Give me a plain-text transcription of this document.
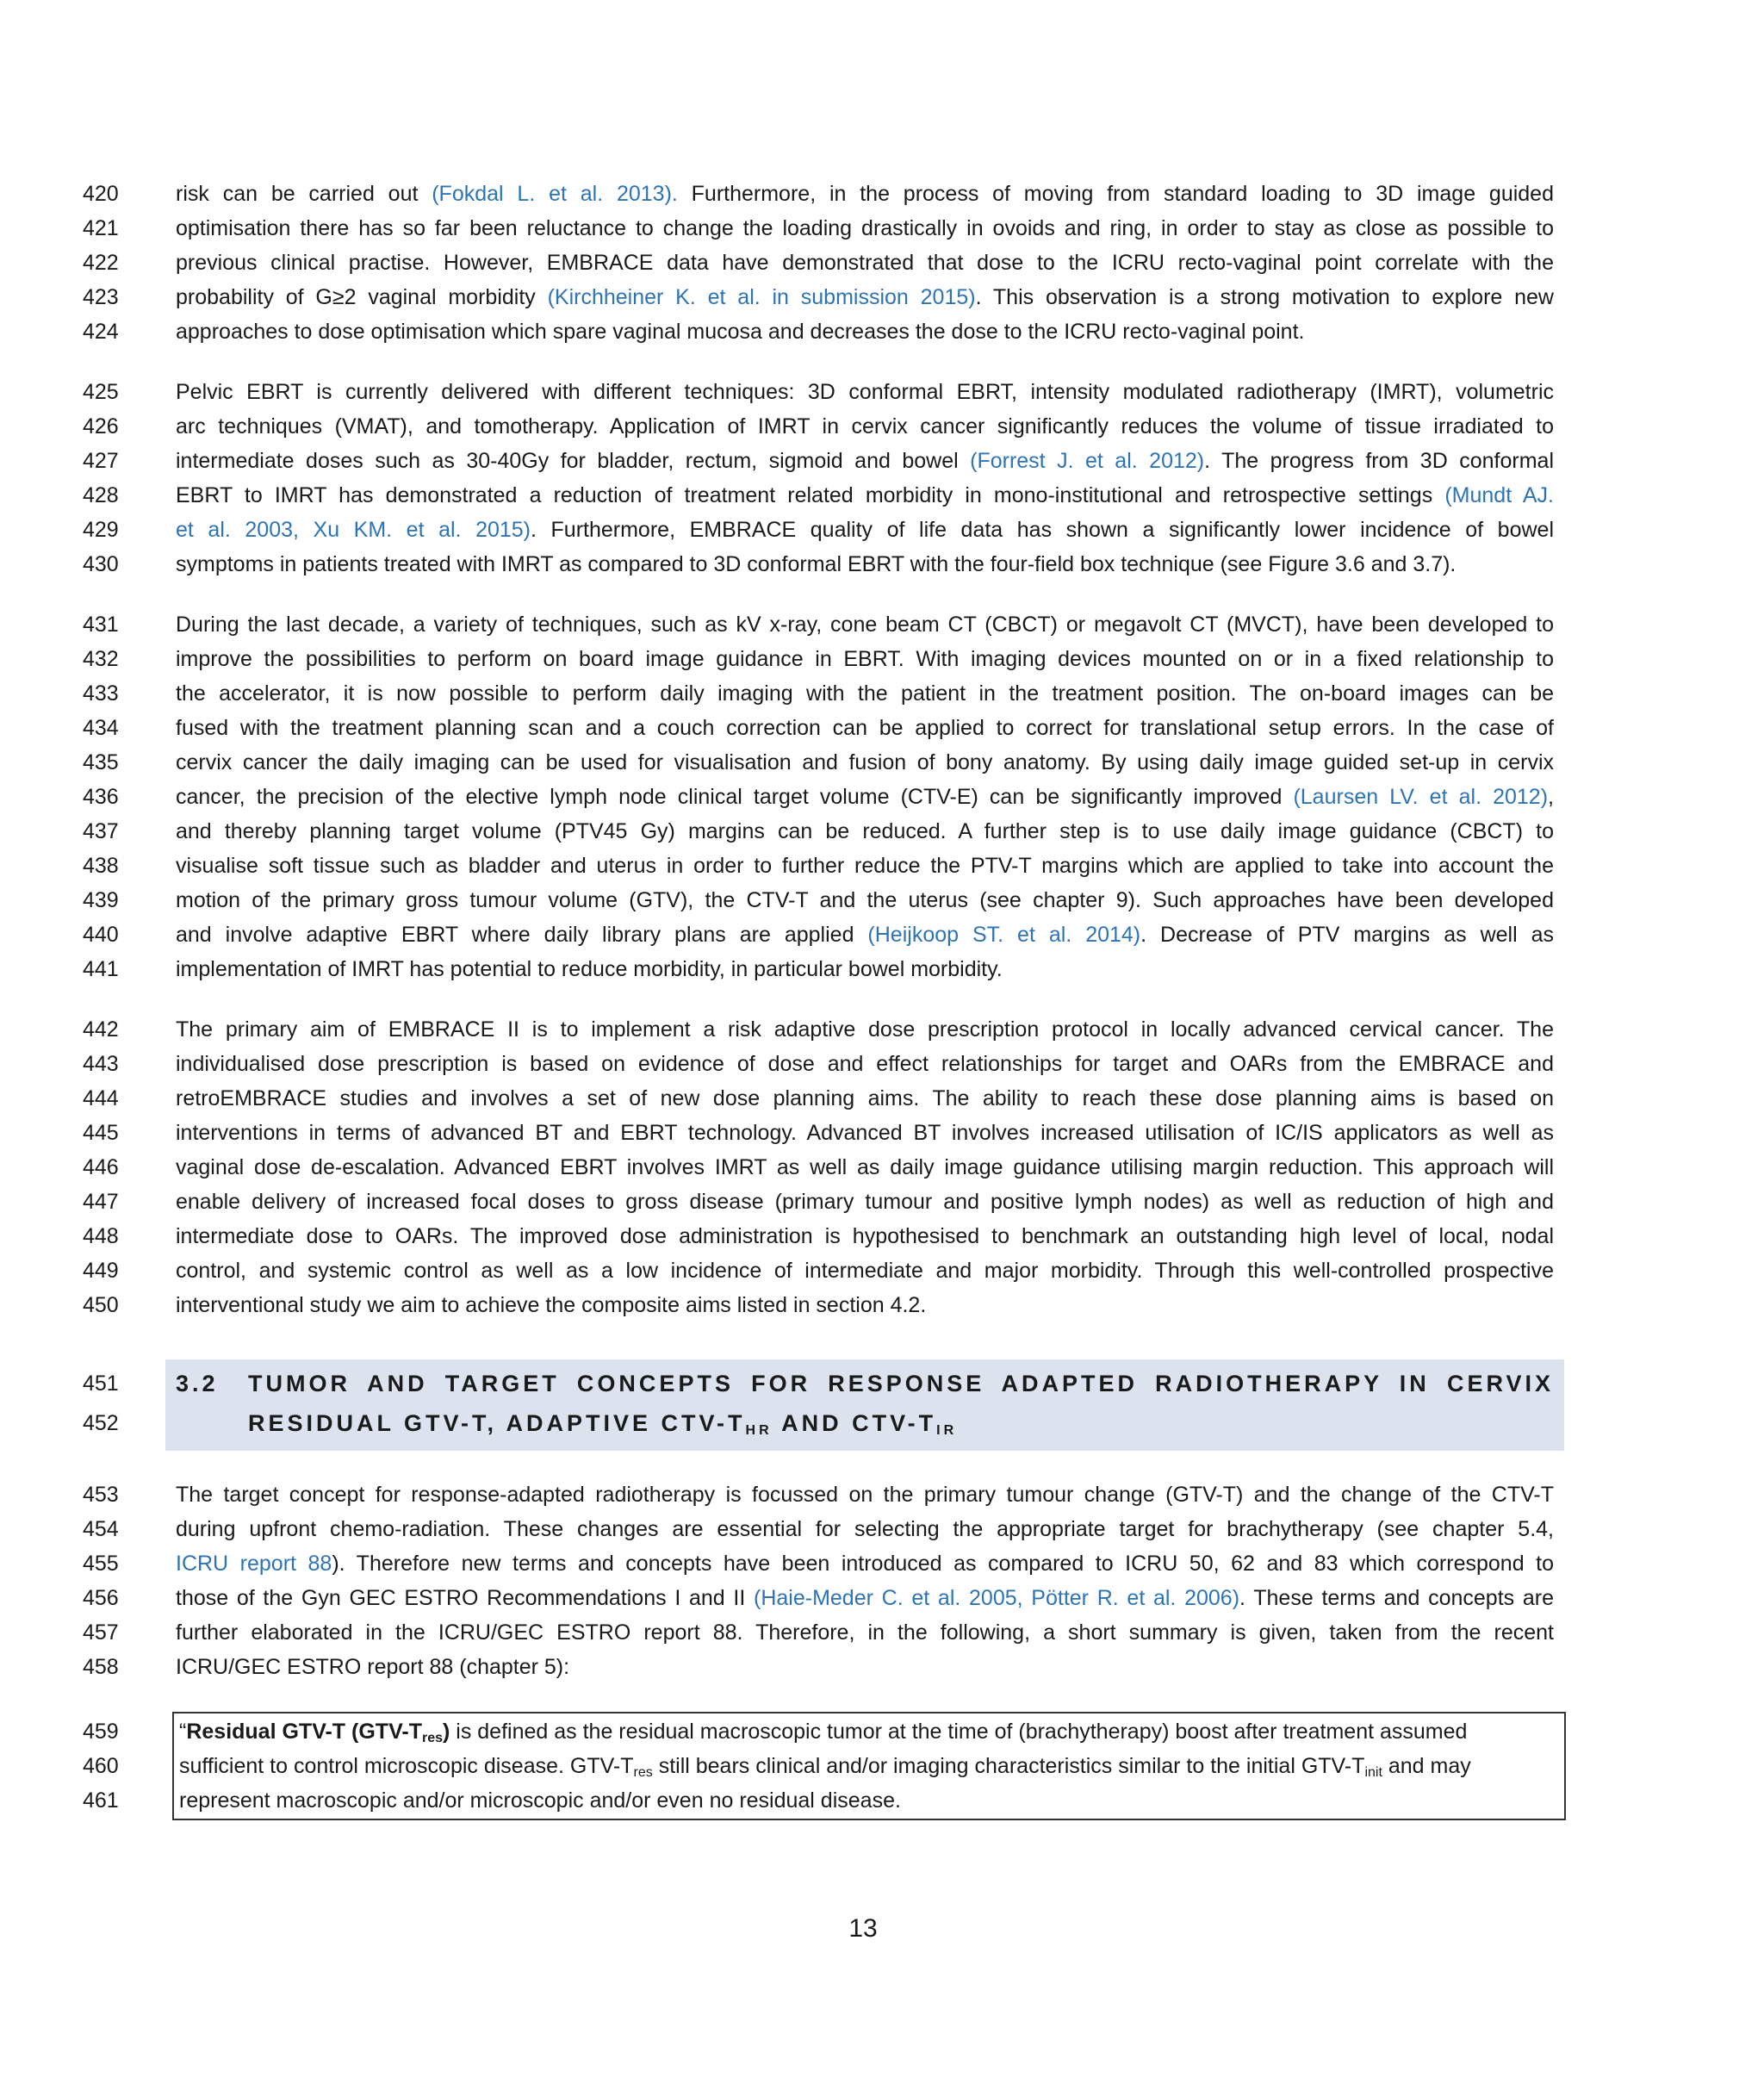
420	risk can be carried out (Fokdal L. et al. 2013). Furthermore, in the process of moving from standard loading to 3D image guided
421	optimisation there has so far been reluctance to change the loading drastically in ovoids and ring, in order to stay as close as possible to
422	previous clinical practise. However, EMBRACE data have demonstrated that dose to the ICRU recto-vaginal point correlate with the
423	probability of G≥2 vaginal morbidity (Kirchheiner K. et al. in submission 2015). This observation is a strong motivation to explore new
424	approaches to dose optimisation which spare vaginal mucosa and decreases the dose to the ICRU recto-vaginal point.
425	Pelvic EBRT is currently delivered with different techniques: 3D conformal EBRT, intensity modulated radiotherapy (IMRT), volumetric
426	arc techniques (VMAT), and tomotherapy. Application of IMRT in cervix cancer significantly reduces the volume of tissue irradiated to
427	intermediate doses such as 30-40Gy for bladder, rectum, sigmoid and bowel (Forrest J. et al. 2012). The progress from 3D conformal
428	EBRT to IMRT has demonstrated a reduction of treatment related morbidity in mono-institutional and retrospective settings (Mundt AJ.
429	et al. 2003, Xu KM. et al. 2015). Furthermore, EMBRACE quality of life data has shown a significantly lower incidence of bowel
430	symptoms in patients treated with IMRT as compared to 3D conformal EBRT with the four-field box technique (see Figure 3.6 and 3.7).
431	During the last decade, a variety of techniques, such as kV x-ray, cone beam CT (CBCT) or megavolt CT (MVCT), have been developed to
432	improve the possibilities to perform on board image guidance in EBRT. With imaging devices mounted on or in a fixed relationship to
433	the accelerator, it is now possible to perform daily imaging with the patient in the treatment position. The on-board images can be
434	fused with the treatment planning scan and a couch correction can be applied to correct for translational setup errors. In the case of
435	cervix cancer the daily imaging can be used for visualisation and fusion of bony anatomy. By using daily image guided set-up in cervix
436	cancer, the precision of the elective lymph node clinical target volume (CTV-E) can be significantly improved (Laursen LV. et al. 2012),
437	and thereby planning target volume (PTV45 Gy) margins can be reduced. A further step is to use daily image guidance (CBCT) to
438	visualise soft tissue such as bladder and uterus in order to further reduce the PTV-T margins which are applied to take into account the
439	motion of the primary gross tumour volume (GTV), the CTV-T and the uterus (see chapter 9). Such approaches have been developed
440	and involve adaptive EBRT where daily library plans are applied (Heijkoop ST. et al. 2014). Decrease of PTV margins as well as
441	implementation of IMRT has potential to reduce morbidity, in particular bowel morbidity.
442	The primary aim of EMBRACE II is to implement a risk adaptive dose prescription protocol in locally advanced cervical cancer. The
443	individualised dose prescription is based on evidence of dose and effect relationships for target and OARs from the EMBRACE and
444	retroEMBRACE studies and involves a set of new dose planning aims. The ability to reach these dose planning aims is based on
445	interventions in terms of advanced BT and EBRT technology. Advanced BT involves increased utilisation of IC/IS applicators as well as
446	vaginal dose de-escalation. Advanced EBRT involves IMRT as well as daily image guidance utilising margin reduction. This approach will
447	enable delivery of increased focal doses to gross disease (primary tumour and positive lymph nodes) as well as reduction of high and
448	intermediate dose to OARs. The improved dose administration is hypothesised to benchmark an outstanding high level of local, nodal
449	control, and systemic control as well as a low incidence of intermediate and major morbidity. Through this well-controlled prospective
450	interventional study we aim to achieve the composite aims listed in section 4.2.
453	The target concept for response-adapted radiotherapy is focussed on the primary tumour change (GTV-T) and the change of the CTV-T
454	during upfront chemo-radiation. These changes are essential for selecting the appropriate target for brachytherapy (see chapter 5.4,
455	ICRU report 88). Therefore new terms and concepts have been introduced as compared to ICRU 50, 62 and 83 which correspond to
456	those of the Gyn GEC ESTRO Recommendations I and II (Haie-Meder C. et al. 2005, Pötter R. et al. 2006). These terms and concepts are
457	further elaborated in the ICRU/GEC ESTRO report 88. Therefore, in the following, a short summary is given, taken from the recent
458	ICRU/GEC ESTRO report 88 (chapter 5):
451	3.2	TUMOR AND TARGET CONCEPTS FOR RESPONSE ADAPTED RADIOTHERAPY IN CERVIX
452	RESIDUAL GTV-T, ADAPTIVE CTV-$T_{HR}$ AND CTV-$T_{IR}$
459	“Residual GTV-T $(GTV-T_{res})$ is defined as the residual macroscopic tumor at the time of (brachytherapy) boost after treatment assumed
460	sufficient to control microscopic disease. GTV-$T_{res}$ still bears clinical and/or imaging characteristics similar to the initial GTV-$T_{init}$ and may
461	represent macroscopic and/or microscopic and/or even no residual disease.
13
